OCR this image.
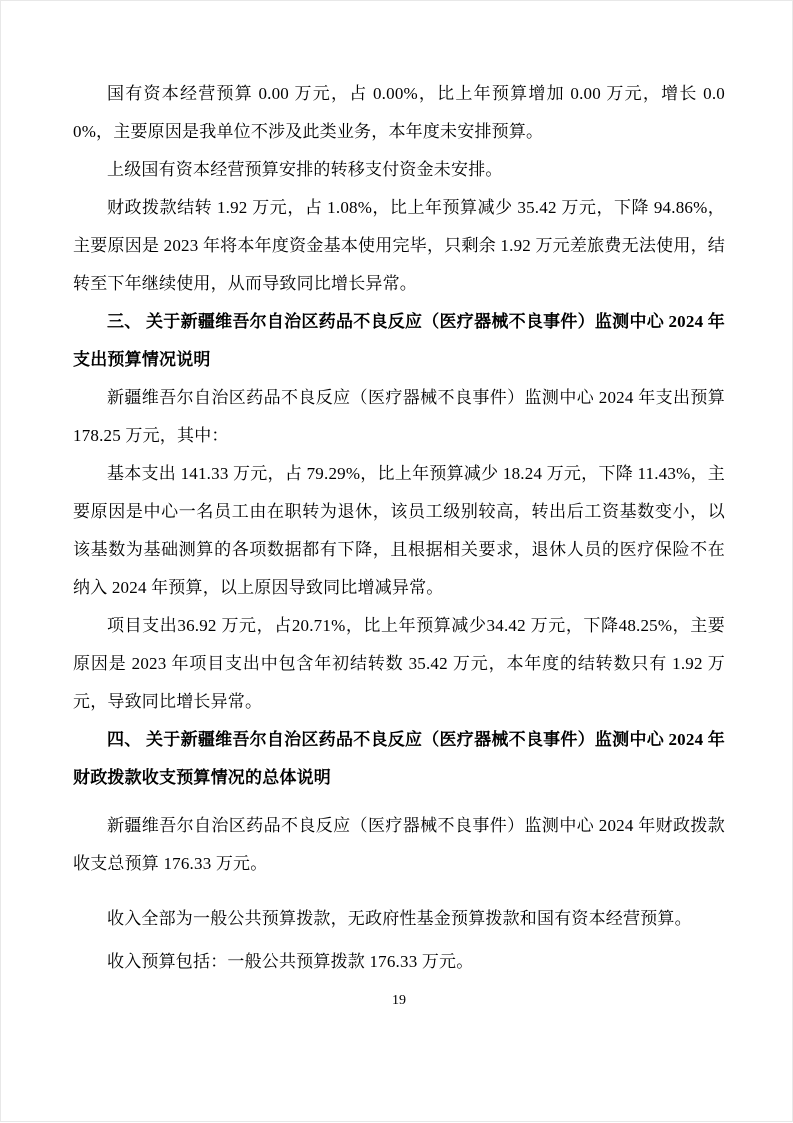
国有资本经营预算 0.00 万元，占 0.00%，比上年预算增加 0.00 万元，增长 0.00%，主要原因是我单位不涉及此类业务，本年度未安排预算。

上级国有资本经营预算安排的转移支付资金未安排。

财政拨款结转 1.92 万元，占 1.08%，比上年预算减少 35.42 万元，下降 94.86%，主要原因是 2023 年将本年度资金基本使用完毕，只剩余 1.92 万元差旅费无法使用，结转至下年继续使用，从而导致同比增长异常。

三、 关于新疆维吾尔自治区药品不良反应（医疗器械不良事件）监测中心 2024 年支出预算情况说明

新疆维吾尔自治区药品不良反应（医疗器械不良事件）监测中心 2024 年支出预算 178.25 万元，其中：

基本支出 141.33 万元，占 79.29%，比上年预算减少 18.24 万元，下降 11.43%，主要原因是中心一名员工由在职转为退休，该员工级别较高，转出后工资基数变小，以该基数为基础测算的各项数据都有下降，且根据相关要求，退休人员的医疗保险不在纳入 2024 年预算，以上原因导致同比增减异常。

项目支出36.92 万元，占20.71%，比上年预算减少34.42 万元，下降48.25%，主要原因是 2023 年项目支出中包含年初结转数 35.42 万元，本年度的结转数只有 1.92 万元，导致同比增长异常。

四、 关于新疆维吾尔自治区药品不良反应（医疗器械不良事件）监测中心 2024 年财政拨款收支预算情况的总体说明

新疆维吾尔自治区药品不良反应（医疗器械不良事件）监测中心 2024 年财政拨款收支总预算 176.33 万元。

收入全部为一般公共预算拨款，无政府性基金预算拨款和国有资本经营预算。

收入预算包括：一般公共预算拨款 176.33 万元。

19
